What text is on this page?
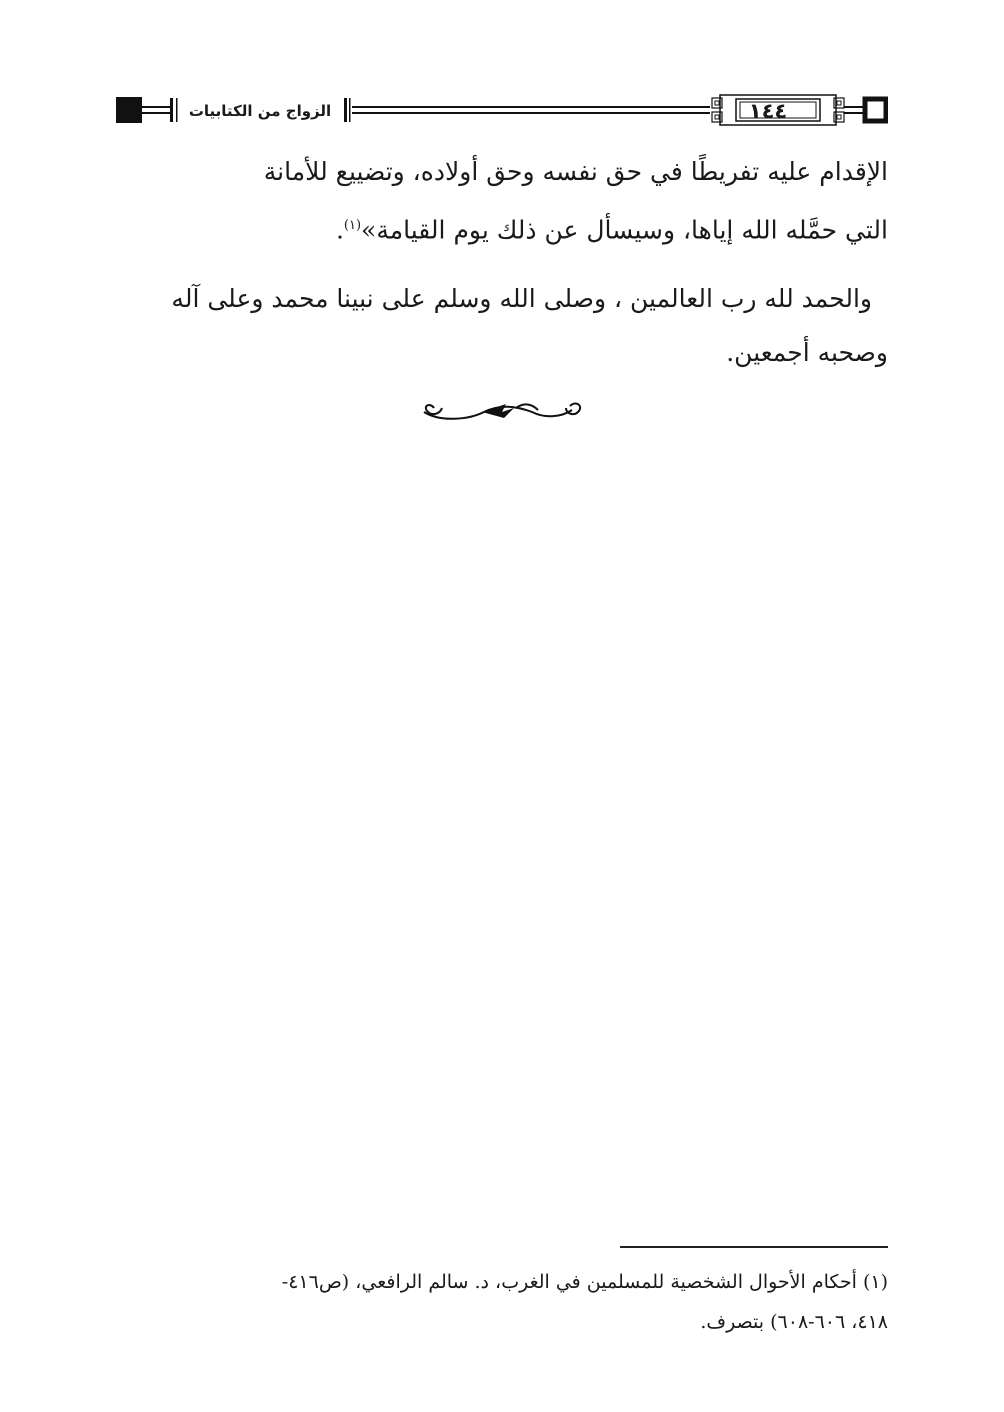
١٤٤
الزواج من الكتابيات
الإقدام عليه تفريطًا في حق نفسه وحق أولاده، وتضييع للأمانة
التي حمَّله الله إياها، وسيسأل عن ذلك يوم القيامة»$^{(١)}$.
والحمد لله رب العالمين ، وصلى الله وسلم على نبينا محمد وعلى آله
وصحبه أجمعين.
(١) أحكام الأحوال الشخصية للمسلمين في الغرب، د. سالم الرافعي، (ص٤١٦-
٤١٨، ٦٠٦-٦٠٨) بتصرف.
